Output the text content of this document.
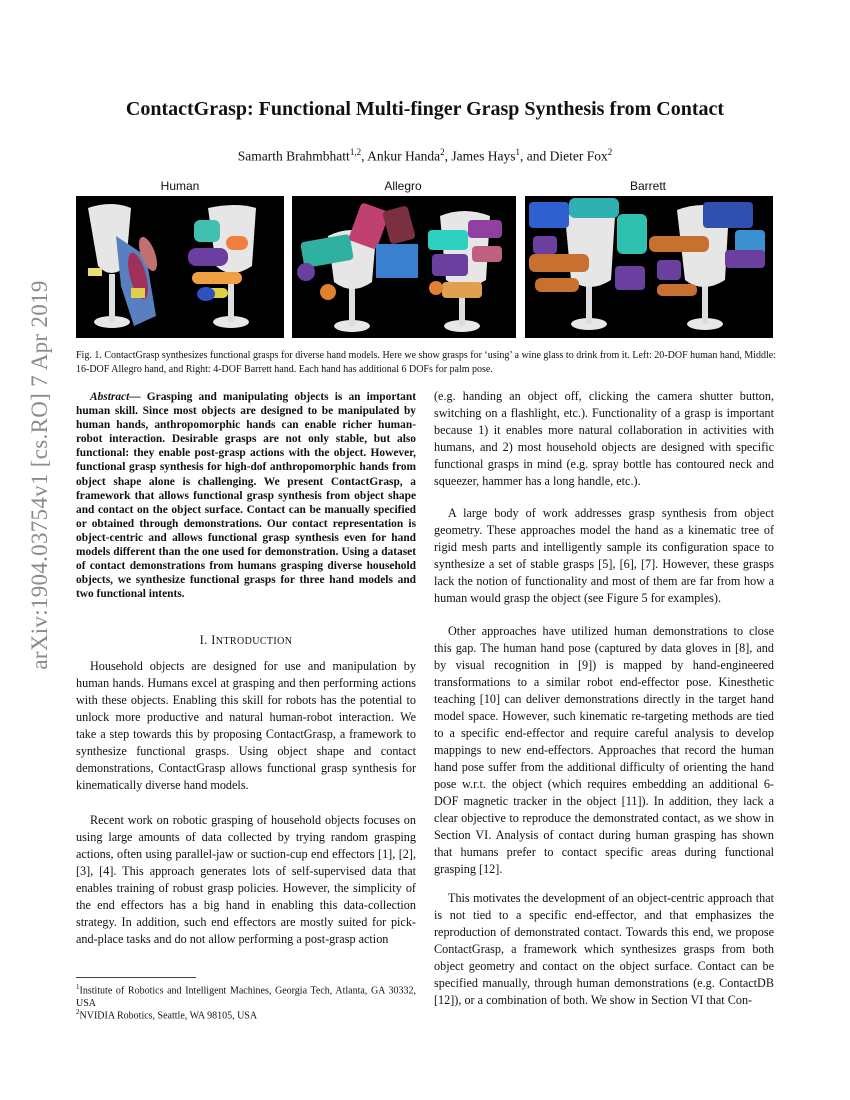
ContactGrasp: Functional Multi-finger Grasp Synthesis from Contact
Samarth Brahmbhatt$^{1,2}$, Ankur Handa$^2$, James Hays$^1$, and Dieter Fox$^2$
arXiv:1904.03754v1 [cs.RO] 7 Apr 2019
Human	Allegro	Barrett
Fig. 1. ContactGrasp synthesizes functional grasps for diverse hand models. Here we show grasps for ‘using’ a wine glass to drink from it. Left: 20-DOF human hand, Middle: 16-DOF Allegro hand, and Right: 4-DOF Barrett hand. Each hand has additional 6 DOFs for palm pose.
Abstract— Grasping and manipulating objects is an important human skill. Since most objects are designed to be manipulated by human hands, anthropomorphic hands can enable richer human-robot interaction. Desirable grasps are not only stable, but also functional: they enable post-grasp actions with the object. However, functional grasp synthesis for high-dof anthropomorphic hands from object shape alone is challenging. We present ContactGrasp, a framework that allows functional grasp synthesis from object shape and contact on the object surface. Contact can be manually specified or obtained through demonstrations. Our contact representation is object-centric and allows functional grasp synthesis even for hand models different than the one used for demonstration. Using a dataset of contact demonstrations from humans grasping diverse household objects, we synthesize functional grasps for three hand models and two functional intents.
I. INTRODUCTION

Household objects are designed for use and manipulation by human hands. Humans excel at grasping and then performing actions with these objects. Enabling this skill for robots has the potential to unlock more productive and natural human-robot interaction. We take a step towards this by proposing ContactGrasp, a framework to synthesize functional grasps. Using object shape and contact demonstrations, ContactGrasp allows functional grasp synthesis for kinematically diverse hand models.

Recent work on robotic grasping of household objects focuses on using large amounts of data collected by trying random grasping actions, often using parallel-jaw or suction-cup end effectors [1], [2], [3], [4]. This approach generates lots of self-supervised data that enables training of robust grasp policies. However, the simplicity of the end effectors has a big hand in enabling this data-collection strategy. In addition, such end effectors are mostly suited for pick-and-place tasks and do not allow performing a post-grasp action

$^1$Institute of Robotics and Intelligent Machines, Georgia Tech, Atlanta, GA 30332, USA
$^2$NVIDIA Robotics, Seattle, WA 98105, USA

(e.g. handing an object off, clicking the camera shutter button, switching on a flashlight, etc.). Functionality of a grasp is important because 1) it enables more natural collaboration in activities with humans, and 2) most household objects are designed with specific functional grasps in mind (e.g. spray bottle has contoured neck and squeezer, hammer has a long handle, etc.).

A large body of work addresses grasp synthesis from object geometry. These approaches model the hand as a kinematic tree of rigid mesh parts and intelligently sample its configuration space to synthesize a set of stable grasps [5], [6], [7]. However, these grasps lack the notion of functionality and most of them are far from how a human would grasp the object (see Figure 5 for examples).

Other approaches have utilized human demonstrations to close this gap. The human hand pose (captured by data gloves in [8], and by visual recognition in [9]) is mapped by hand-engineered transformations to a similar robot end-effector pose. Kinesthetic teaching [10] can deliver demonstrations directly in the target hand model space. However, such kinematic re-targeting methods are tied to a specific end-effector and require careful analysis to develop mappings to new end-effectors. Approaches that record the human hand pose suffer from the additional difficulty of orienting the hand pose w.r.t. the object (which requires embedding an additional 6-DOF magnetic tracker in the object [11]). In addition, they lack a clear objective to reproduce the demonstrated contact, as we show in Section VI. Analysis of contact during human grasping has shown that humans prefer to contact specific areas during functional grasping [12].

This motivates the development of an object-centric approach that is not tied to a specific end-effector, and that emphasizes the reproduction of demonstrated contact. Towards this end, we propose ContactGrasp, a framework which synthesizes grasps from both object geometry and contact on the object surface. Contact can be specified manually, through human demonstrations (e.g. ContactDB [12]), or a combination of both. We show in Section VI that Con-
